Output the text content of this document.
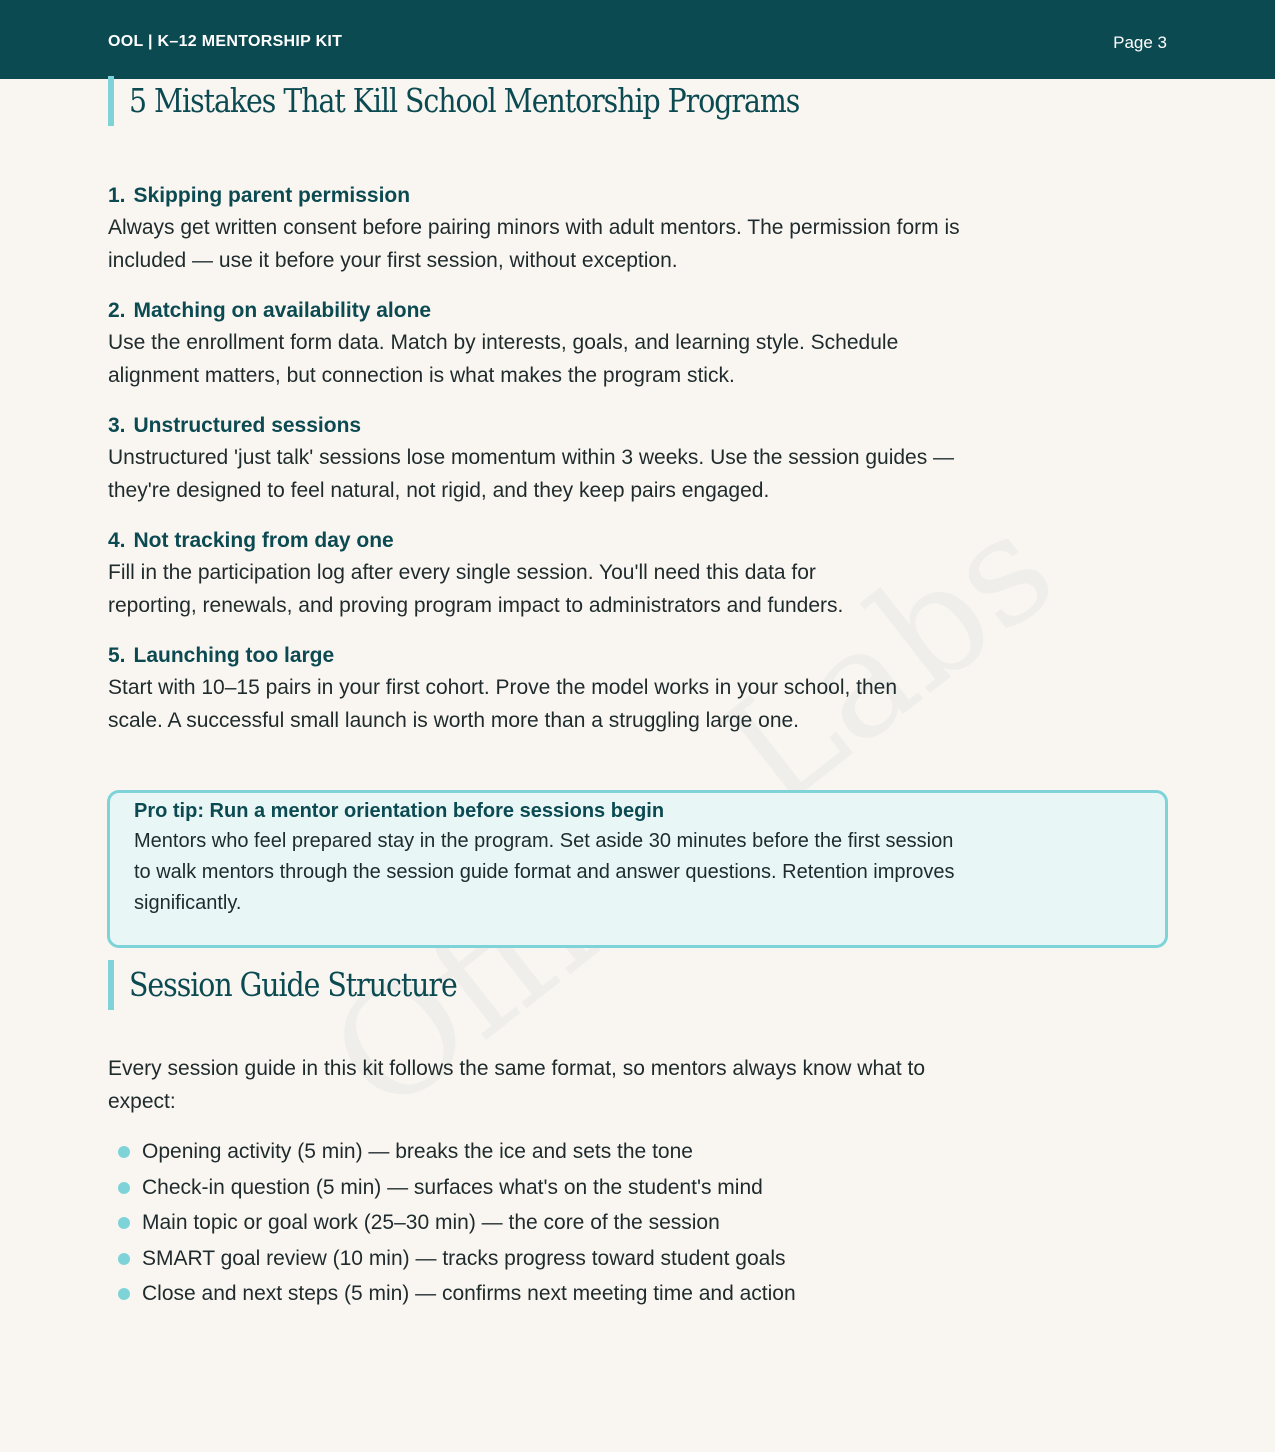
OOL | K–12 MENTORSHIP KIT	Page 3
5 Mistakes That Kill School Mentorship Programs
1. Skipping parent permission

Always get written consent before pairing minors with adult mentors. The permission form is
included — use it before your first session, without exception.

2. Matching on availability alone

Use the enrollment form data. Match by interests, goals, and learning style. Schedule
alignment matters, but connection is what makes the program stick.

3. Unstructured sessions

Unstructured 'just talk' sessions lose momentum within 3 weeks. Use the session guides —
they're designed to feel natural, not rigid, and they keep pairs engaged.

4. Not tracking from day one

Fill in the participation log after every single session. You'll need this data for
reporting, renewals, and proving program impact to administrators and funders.

5. Launching too large

Start with 10–15 pairs in your first cohort. Prove the model works in your school, then
scale. A successful small launch is worth more than a struggling large one.

Pro tip: Run a mentor orientation before sessions begin

Mentors who feel prepared stay in the program. Set aside 30 minutes before the first session
to walk mentors through the session guide format and answer questions. Retention improves
significantly.

Session Guide Structure

Every session guide in this kit follows the same format, so mentors always know what to
expect:

Opening activity (5 min) — breaks the ice and sets the tone
Check-in question (5 min) — surfaces what's on the student's mind
Main topic or goal work (25–30 min) — the core of the session
SMART goal review (10 min) — tracks progress toward student goals
Close and next steps (5 min) — confirms next meeting time and action
